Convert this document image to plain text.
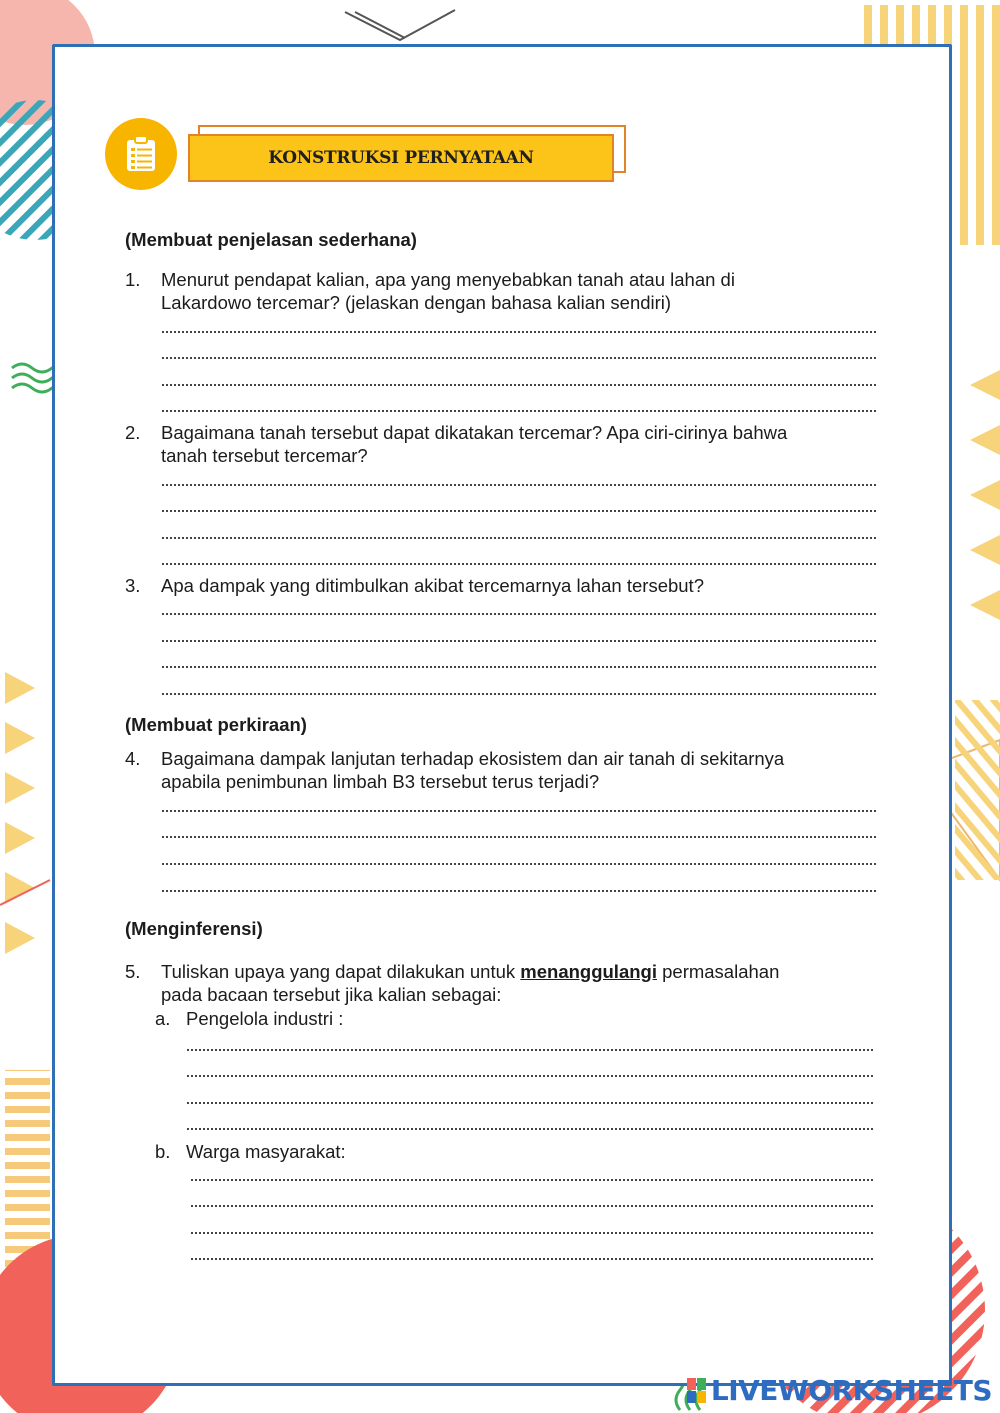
KONSTRUKSI PERNYATAAN
(Membuat penjelasan sederhana)
1. Menurut pendapat kalian, apa yang menyebabkan tanah atau lahan di
Lakardowo tercemar? (jelaskan dengan bahasa kalian sendiri)
2. Bagaimana tanah tersebut dapat dikatakan tercemar? Apa ciri-cirinya bahwa
tanah tersebut tercemar?
3. Apa dampak yang ditimbulkan akibat tercemarnya lahan tersebut?
(Membuat perkiraan)
4. Bagaimana dampak lanjutan terhadap ekosistem dan air tanah di sekitarnya
apabila penimbunan limbah B3 tersebut terus terjadi?
(Menginferensi)
5. Tuliskan upaya yang dapat dilakukan untuk menanggulangi permasalahan
pada bacaan tersebut jika kalian sebagai:
a. Pengelola industri :
b. Warga masyarakat:
LIVEWORKSHEETS
